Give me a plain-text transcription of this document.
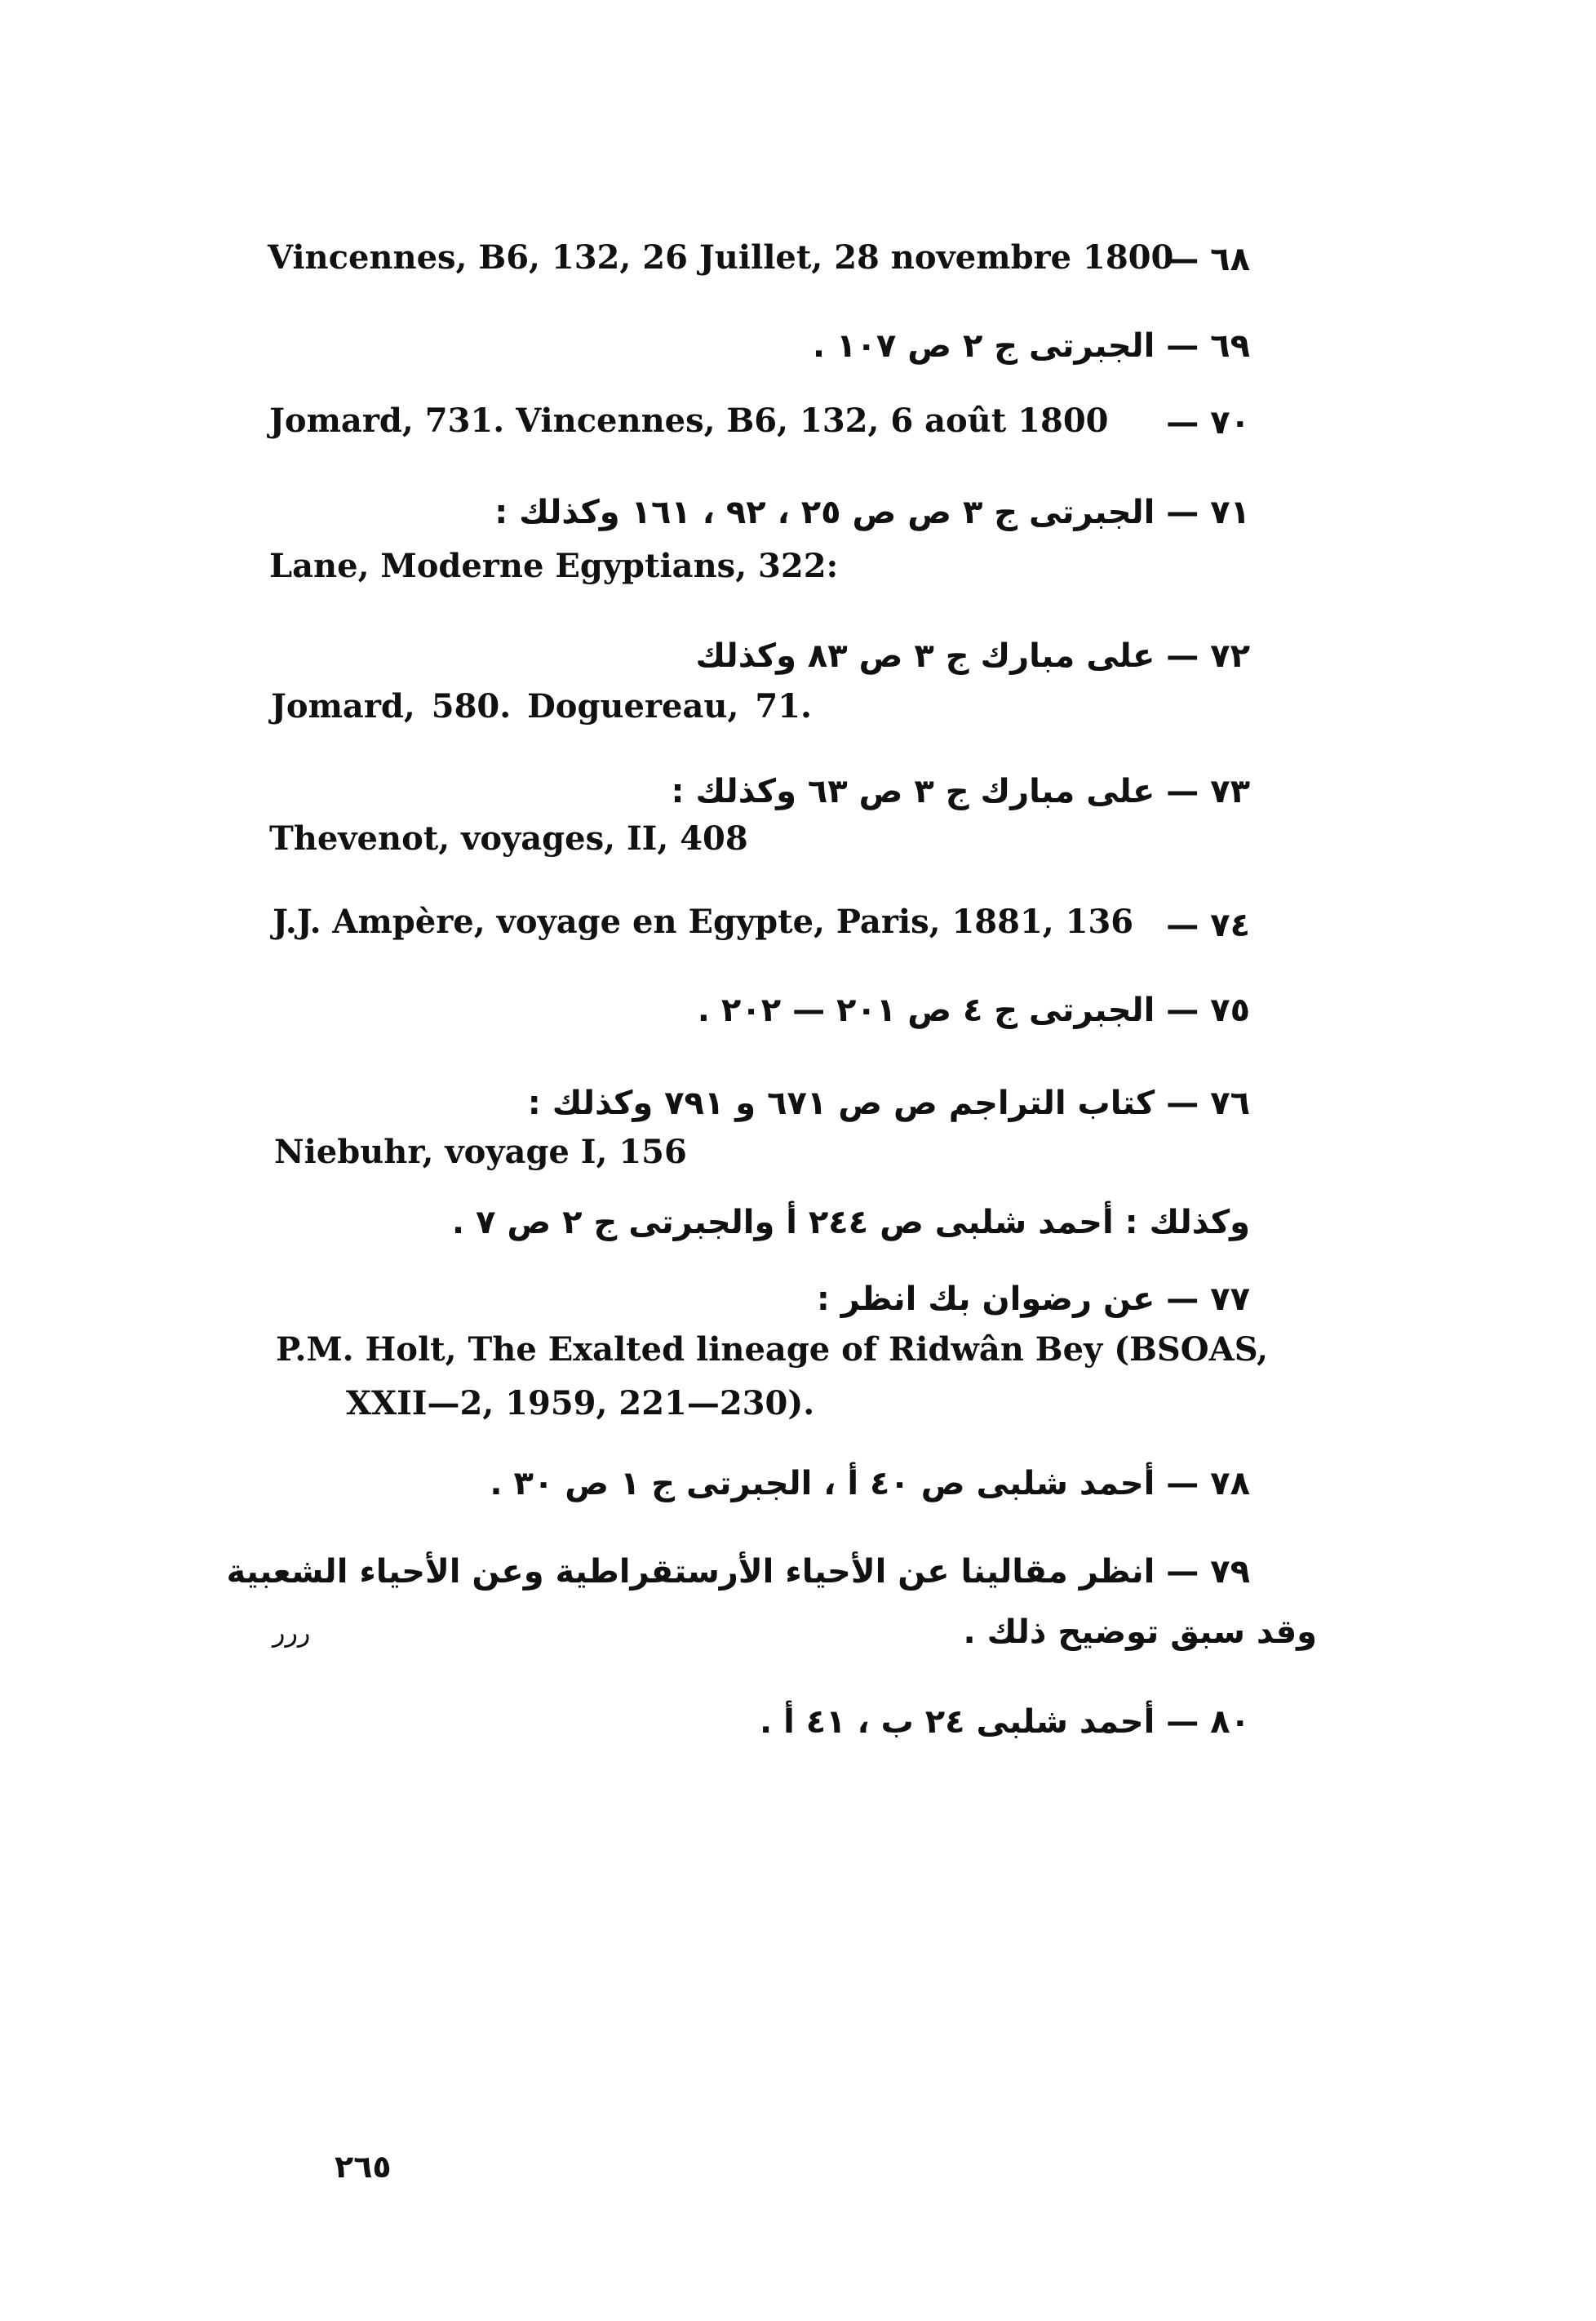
Vincennes, B6, 132, 26 Juillet, 28 novembre 1800
٦٨ —
٦٩ — الجبرتى ج ٢ ص ١٠٧ .
Jomard, 731. Vincennes, B6, 132, 6 août 1800 ٧٠ —
٧١ — الجبرتى ج ٣ ص ص ٢٥ ، ٩٢ ، ١٦١ وكذلك :
Lane, Moderne Egyptians, 322:
٧٢ — على مبارك ج ٣ ص ٨٣ وكذلك
Jomard, 580. Doguereau, 71.
٧٣ — على مبارك ج ٣ ص ٦٣ وكذلك :
Thevenot, voyages, II, 408
J.J. Ampère, voyage en Egypte, Paris, 1881, 136 ٧٤ —
٧٥ — الجبرتى ج ٤ ص ٢٠١ — ٢٠٢ .
٧٦ — كتاب التراجم ص ص ٦٧١ و ٧٩١ وكذلك :
Niebuhr, voyage I, 156
وكذلك : أحمد شلبى ص ٢٤٤ أ والجبرتى ج ٢ ص ٧ .
٧٧ — عن رضوان بك انظر :
P.M. Holt, The Exalted lineage of Ridwân Bey (BSOAS,
XXII—2, 1959, 221—230).
٧٨ — أحمد شلبى ص ٤٠ أ ، الجبرتى ج ١ ص ٣٠ .
٧٩ — انظر مقالينا عن الأحياء الأرستقراطية وعن الأحياء الشعبية
وقد سبق توضيح ذلك .
ررر
٨٠ — أحمد شلبى ٢٤ ب ، ٤١ أ .
٢٦٥
